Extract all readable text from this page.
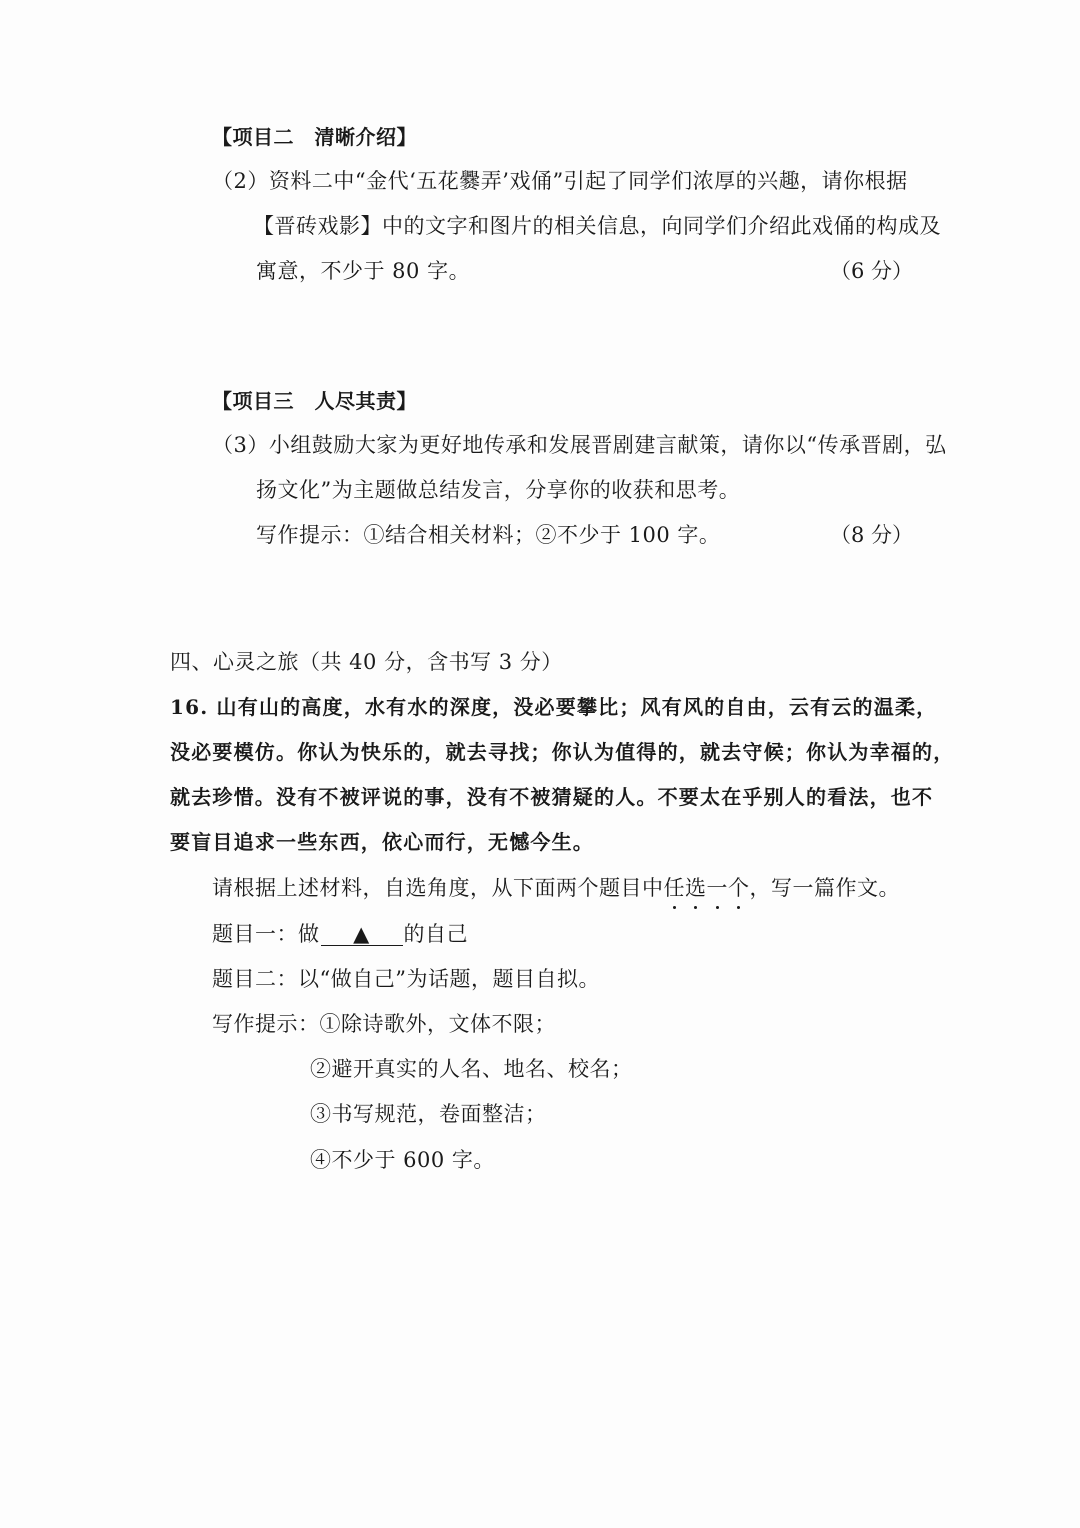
【项目二　清晰介绍】
（2）资料二中“金代‘五花爨弄’戏俑”引起了同学们浓厚的兴趣，请你根据
【晋砖戏影】中的文字和图片的相关信息，向同学们介绍此戏俑的构成及
寓意，不少于 80 字。	（6 分）
【项目三　人尽其责】
（3）小组鼓励大家为更好地传承和发展晋剧建言献策，请你以“传承晋剧，弘
扬文化”为主题做总结发言，分享你的收获和思考。
写作提示：①结合相关材料；②不少于 100 字。	（8 分）
四、心灵之旅（共 40 分，含书写 3 分）
16. 山有山的高度，水有水的深度，没必要攀比；风有风的自由，云有云的温柔，
没必要模仿。你认为快乐的，就去寻找；你认为值得的，就去守候；你认为幸福的，
就去珍惜。没有不被评说的事，没有不被猜疑的人。不要太在乎别人的看法，也不
要盲目追求一些东西，依心而行，无憾今生。
请根据上述材料，自选角度，从下面两个题目中任选一个，写一篇作文。
题目一：做 ▲ 的自己
题目二：以“做自己”为话题，题目自拟。
写作提示：①除诗歌外，文体不限；
②避开真实的人名、地名、校名；
③书写规范，卷面整洁；
④不少于 600 字。
